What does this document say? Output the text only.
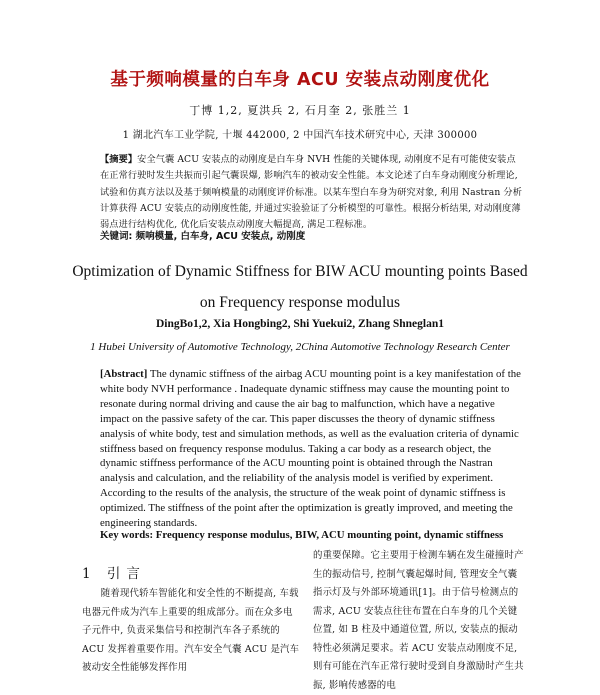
基于频响模量的白车身 ACU 安装点动刚度优化
丁博 1,2, 夏洪兵 2, 石月奎 2, 张胜兰 1
1 湖北汽车工业学院, 十堰 442000, 2 中国汽车技术研究中心, 天津 300000
【摘要】安全气囊 ACU 安装点的动刚度是白车身 NVH 性能的关键体现, 动刚度不足有可能使安装点在正常行驶时发生共振而引起气囊误爆, 影响汽车的被动安全性能。本文论述了白车身动刚度分析理论, 试验和仿真方法以及基于频响模量的动刚度评价标准。以某车型白车身为研究对象, 利用 Nastran 分析计算获得 ACU 安装点的动刚度性能, 并通过实验验证了分析模型的可靠性。根据分析结果, 对动刚度薄弱点进行结构优化, 优化后安装点动刚度大幅提高, 满足工程标准。
关键词: 频响模量, 白车身, ACU 安装点, 动刚度
Optimization of Dynamic Stiffness for BIW ACU mounting points Based
on Frequency response modulus
DingBo1,2, Xia Hongbing2, Shi Yuekui2, Zhang Shneglan1
1 Hubei University of Automotive Technology, 2China Automotive Technology Research Center
[Abstract] The dynamic stiffness of the airbag ACU mounting point is a key manifestation of the white body NVH performance . Inadequate dynamic stiffness may cause the mounting point to resonate during normal driving and cause the air bag to malfunction, which have a negative impact on the passive safety of the car. This paper discusses the theory of dynamic stiffness analysis of white body, test and simulation methods, as well as the evaluation criteria of dynamic stiffness based on frequency response modulus. Taking a car body as a research object, the dynamic stiffness performance of the ACU mounting point is obtained through the Nastran analysis and calculation, and the reliability of the analysis model is verified by experiment. According to the results of the analysis, the structure of the weak point of dynamic stiffness is optimized. The stiffness of the point after the optimization is greatly improved, and meeting the engineering standards.
Key words: Frequency response modulus, BIW, ACU mounting point, dynamic stiffness
1 引言
随着现代轿车智能化和安全性的不断提高, 车载电器元件成为汽车上重要的组成部分。而在众多电子元件中, 负责采集信号和控制汽车各子系统的 ACU 发挥着重要作用。汽车安全气囊 ACU 是汽车被动安全性能够发挥作用
的重要保障。它主要用于检测车辆在发生碰撞时产生的振动信号, 控制气囊起爆时间, 管理安全气囊指示灯及与外部环境通讯[1]。由于信号检测点的需求, ACU 安装点往往布置在白车身的几个关键位置, 如 B 柱及中通道位置, 所以, 安装点的振动特性必须满足要求。若 ACU 安装点动刚度不足, 则有可能在汽车正常行驶时受到自身激励时产生共振, 影响传感器的电
